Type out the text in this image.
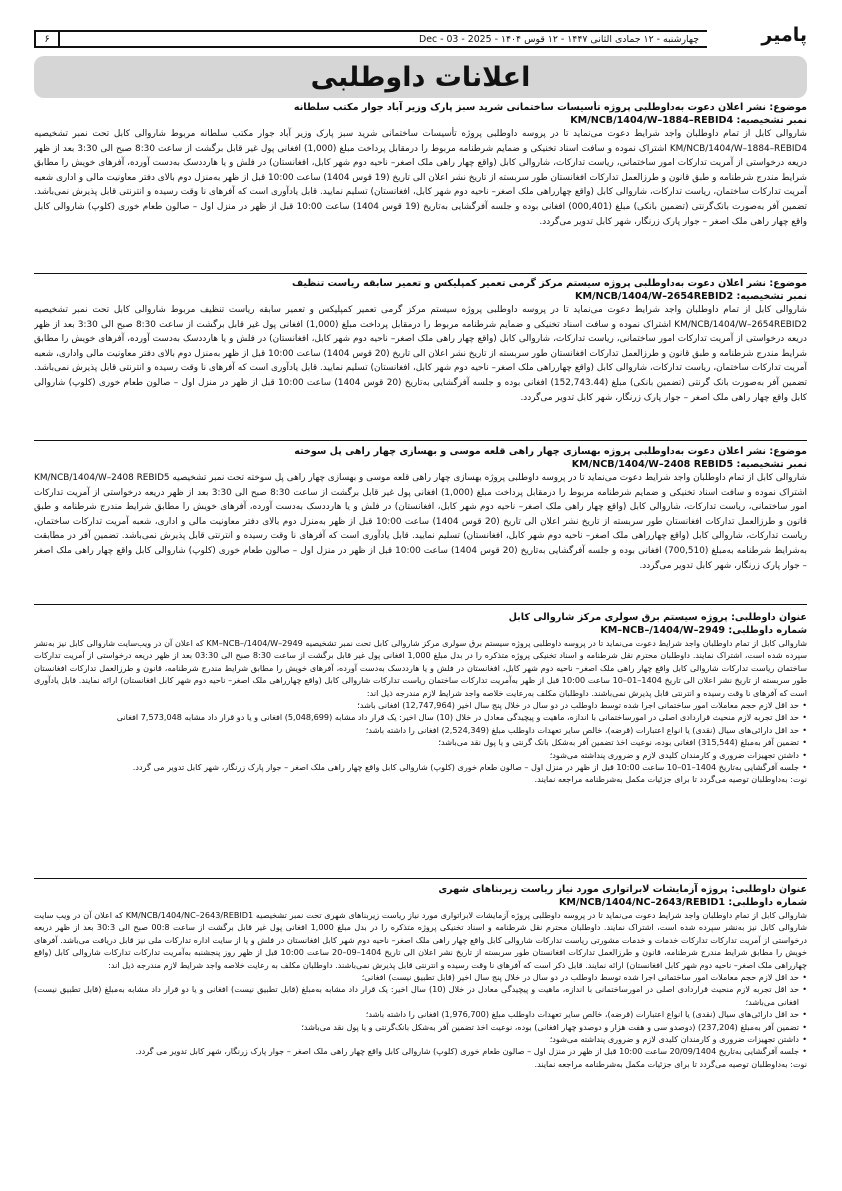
پامیر
چهارشنبه - ۱۲ جمادی الثانی ۱۴۴۷ - ۱۲ قوس ۱۴۰۴ - Dec - 03 - 2025
۶
اعلانات داوطلبی
موضوع: نشر اعلان دعوت به‌داوطلبی پروژه تأسیسات ساختمانی شرید سبز پارک وزیر آباد جوار مکتب سلطانه
نمبر تشخیصیه: KM/NCB/1404/W–1884–REBID4

شاروالی کابل از تمام داوطلبان واجد شرایط دعوت می‌نماید تا در پروسه داوطلبی پروژه تأسیسات ساختمانی شرید سبز پارک وزیر آباد جوار مکتب سلطانه مربوط شاروالی کابل تحت نمبر تشخیصیه KM/NCB/1404/W–1884–REBID4 اشتراک نموده و سافت اسناد تخنیکی و ضمایم شرطنامه مربوط را درمقابل پرداخت مبلغ (1,000) افغانی پول غیر قابل برگشت از ساعت 8:30 صبح الی 3:30 بعد از ظهر دریعه درخواستی از آمریت تدارکات امور ساختمانی، ریاست تدارکات، شاروالی کابل (واقع چهار راهی ملک اصغر– ناحیه دوم شهر کابل، افغانستان) در فلش و یا هارددسک به‌دست آورده، آفرهای خویش را مطابق شرایط مندرج شرطنامه و طبق قانون و طرزالعمل تدارکات افغانستان طور سربسته از تاریخ نشر اعلان الی تاریخ (19 قوس 1404) ساعت 10:00 قبل از ظهر به‌منزل دوم بالای دفتر معاونیت مالی و اداری شعبه آمریت تدارکات ساختمان، ریاست تدارکات، شاروالی کابل (واقع چهارراهی ملک اصغر– ناحیه دوم شهر کابل، افغانستان) تسلیم نمایید. قابل یادآوری است که آفرهای نا وقت رسیده و انترنتی قابل پذیرش نمی‌باشد. تضمین آفر به‌صورت بانک‌گرنتی (تضمین بانکی) مبلغ (000,401) افغانی بوده و جلسه آفرگشایی به‌تاریخ (19 قوس 1404) ساعت 10:00 قبل از ظهر در منزل اول – صالون طعام خوری (کلوپ) شاروالی کابل واقع چهار راهی ملک اصغر – جوار پارک زرنگار، شهر کابل تدویر می‌گردد.

موضوع: نشر اعلان دعوت به‌داوطلبی پروژه سیستم مرکز گرمی تعمیر کمپلیکس و تعمیر سابقه ریاست تنظیف
نمبر تشخیصیه: KM/NCB/1404/W–2654REBID2

شاروالی کابل از تمام داوطلبان واجد شرایط دعوت می‌نماید تا در پروسه داوطلبی پروژه سیستم مرکز گرمی تعمیر کمپلیکس و تعمیر سابقه ریاست تنظیف مربوط شاروالی کابل تحت نمبر تشخیصیه KM/NCB/1404/W–2654REBID2 اشتراک نموده و سافت اسناد تخنیکی و ضمایم شرطنامه مربوط را درمقابل پرداخت مبلغ (1,000) افغانی پول غیر قابل برگشت از ساعت 8:30 صبح الی 3:30 بعد از ظهر دریعه درخواستی از آمریت تدارکات امور ساختمانی، ریاست تدارکات، شاروالی کابل (واقع چهار راهی ملک اصغر– ناحیه دوم شهر کابل، افغانستان) در فلش و یا هارددسک به‌دست آورده، آفرهای خویش را مطابق شرایط مندرج شرطنامه و طبق قانون و طرزالعمل تدارکات افغانستان طور سربسته از تاریخ نشر اعلان الی تاریخ (20 قوس 1404) ساعت 10:00 قبل از ظهر به‌منزل دوم بالای دفتر معاونیت مالی وادارى، شعبه آمریت تدارکات ساختمان، ریاست تدارکات، شاروالی کابل (واقع چهارراهی ملک اصغر– ناحیه دوم شهر کابل، افغانستان) تسلیم نمایید. قابل یادآوری است که آفرهای نا وقت رسیده و انترنتی قابل پذیرش نمی‌باشد. تضمین آفر به‌صورت بانک گرنتی (تضمین بانکی) مبلغ (152,743.44) افغانی بوده و جلسه آفرگشایی به‌تاریخ (20 قوس 1404) ساعت 10:00 قبل از ظهر در منزل اول – صالون طعام خوری (کلوپ) شاروالی کابل واقع چهار راهی ملک اصغر – جوار پارک زرنگار، شهر کابل تدویر می‌گردد.

موضوع: نشر اعلان دعوت به‌داوطلبی پروژه بهسازی چهار راهی قلعه موسی و بهسازی چهار راهی پل سوخته
نمبر تشخیصیه: KM/NCB/1404/W–2408 REBID5

شاروالی کابل از تمام داوطلبان واجد شرایط دعوت می‌نماید تا در پروسه داوطلبی پروژه بهسازی چهار راهی قلعه موسی و بهسازی چهار راهی پل سوخته تحت نمبر تشخیصیه KM/NCB/1404/W–2408 REBID5 اشتراک نموده و سافت اسناد تخنیکی و ضمایم شرطنامه مربوط را درمقابل پرداخت مبلغ (1,000) افغانی پول غیر قابل برگشت از ساعت 8:30 صبح الی 3:30 بعد از ظهر دریعه درخواستی از آمریت تدارکات امور ساختمانی، ریاست تدارکات، شاروالی کابل (واقع چهار راهی ملک اصغر– ناحیه دوم شهر کابل، افغانستان) در فلش و یا هارددسک به‌دست آورده، آفرهای خویش را مطابق شرایط مندرج شرطنامه و طبق قانون و طرزالعمل تدارکات افغانستان طور سربسته از تاریخ نشر اعلان الی تاریخ (20 قوس 1404) ساعت 10:00 قبل از ظهر به‌منزل دوم بالای دفتر معاونیت مالی و اداری، شعبه آمریت تدارکات ساختمان، ریاست تدارکات، شاروالی کابل (واقع چهارراهی ملک اصغر– ناحیه دوم شهر کابل، افغانستان) تسلیم نمایید. قابل یادآوری است که آفرهای نا وقت رسیده و انترنتی قابل پذیرش نمی‌باشد. تضمین آفر در مطابقت به‌شرایط شرطنامه به‌مبلغ (700,510) افغانی بوده و جلسه آفرگشایی به‌تاریخ (20 قوس 1404) ساعت 10:00 قبل از ظهر در منزل اول – صالون طعام خوری (کلوپ) شاروالی کابل واقع چهار راهی ملک اصغر – جوار پارک زرنگار، شهر کابل تدویر می‌گردد.

عنوان داوطلبی: پروژه سیستم برق سولری مرکز شاروالی کابل
شماره داوطلبی: KM–NCB–/1404/W–2949

شاروالی کابل از تمام داوطلبان واجد شرایط دعوت می‌نماید تا در پروسه داوطلبی پروژه سیستم برق سولری مرکز شاروالی کابل تحت نمبر تشخیصیه KM–NCB–/1404/W–2949 که اعلان آن در ویب‌سایت شاروالی کابل نیز به‌نشر سپرده شده است، اشتراک نمایند. داوطلبان محترم نقل شرطنامه و اسناد تخنیکی پروژه متذکره را در بدل مبلغ 1,000 افغانی پول غیر قابل برگشت از ساعت 8:30 صبح الی 03:30 بعد از ظهر دریعه درخواستی از آمریت تدارکات ساختمان ریاست تدارکات شاروالی کابل واقع چهار راهی ملک اصغر– ناحیه دوم شهر کابل، افغانستان در فلش و یا هارددسک به‌دست آورده، آفرهای خویش را مطابق شرایط مندرج شرطنامه، قانون و طرزالعمل تدارکات افغانستان طور سربسته از تاریخ نشر اعلان الی تاریخ 1404–01–10 ساعت 10:00 قبل از ظهر به‌آمریت تدارکات ساختمان ریاست تدارکات شاروالی کابل (واقع چهارراهی ملک اصغر– ناحیه دوم شهر کابل افغانستان) ارائه نمایند. قابل یادآوری است که آفرهای نا وقت رسیده و انترنتی قابل پذیرش نمی‌باشند. داوطلبان مکلف به‌رعایت خلاصه واجد شرایط لازم مندرجه ذیل اند:

• حد اقل لازم حجم معاملات امور ساختمانی اجرا شده توسط داوطلب در دو سال در خلال پنج سال اخیر (12,747,964) افغانی باشد؛
• حد اقل تجربه لازم منحیث قراردادی اصلی در امورساختمانی با اندازه، ماهیت و پیچیدگی معادل در خلال (10) سال اخیر: یک قرار داد مشابه (5,048,699) افغانی و یا دو قرار داد مشابه 7,573,048 افغانی
• حد اقل دارائی‌های سیال (نقدی) یا انواع اعتبارات (قرضه)، خالص سایر تعهدات داوطلب مبلغ (2,524,349) افغانی را داشته باشد؛
• تضمین آفر به‌مبلغ (315,544) افغانی بوده، نوعیت اخذ تضمین آفر به‌شکل بانک گرنتی و یا پول نقد می‌باشد؛
• داشتن تجهیزات ضروری و کارمندان کلیدی لازم و ضروری پنداشته می‌شود؛
• جلسه آفرگشایی به‌تاریخ 1404–01–10 ساعت 10:00 قبل از ظهر در منزل اول – صالون طعام خوری (کلوپ) شاروالی کابل واقع چهار راهی ملک اصغر – جوار پارک زرنگار، شهر کابل تدویر می گردد.
نوت: به‌داوطلبان توصیه می‌گردد تا برای جزئیات مکمل به‌شرطنامه مراجعه نمایند.
عنوان داوطلبی: پروژه آزمایشات لابراتواری مورد نیاز ریاست زیربناهای شهری
شماره داوطلبی: KM/NCB/1404/NC–2643/REBID1

شاروالی کابل از تمام داوطلبان واجد شرایط دعوت می‌نماید تا در پروسه داوطلبی پروژه آزمایشات لابراتواری مورد نیاز ریاست زیربناهای شهری تحت نمبر تشخیصیه KM/NCB/1404/NC–2643/REBID1 که اعلان آن در ویب سایت شاروالی کابل نیز به‌نشر سپرده شده است، اشتراک نمایند. داوطلبان محترم نقل شرطنامه و اسناد تخنیکی پروژه متذکره را در بدل مبلغ 1,000 افغانی پول غیر قابل برگشت از ساعت 00:8 صبح الی 30:3 بعد از ظهر دریعه درخواستی از آمریت تدارکات تدارکات خدمات و خدمات مشورتی ریاست تدارکات شاروالی کابل واقع چهار راهی ملک اصغر– ناحیه دوم شهر کابل افغانستان در فلش و یا از سایت اداره تدارکات ملی نیز قابل دریافت می‌باشد. آفرهای خویش را مطابق شرایط مندرج شرطنامه، قانون و طرزالعمل تدارکات افغانستان طور سربسته از تاریخ نشر اعلان الی تاریخ 1404–09–20 ساعت 10:00 قبل از ظهر روز پنجشنبه به‌آمریت تدارکات تدارکات شاروالی کابل (واقع چهارراهی ملک اصغر– ناحیه دوم شهر کابل افغانستان) ارائه نمایند. قابل ذکر است که آفرهای نا وقت رسیده و انترنتی قابل پذیرش نمی‌باشند. داوطلبان مکلف به رعایت خلاصه واجد شرایط لازم مندرجه ذیل اند:

• حد اقل لازم حجم معاملات امور ساختمانی اجرا شده توسط داوطلب در دو سال در خلال پنج سال اخیر (قابل تطبیق نیست) افغانی؛
• حد اقل تجربه لازم منحیث قراردادی اصلی در امورساختمانی با اندازه، ماهیت و پیچیدگی معادل در خلال (10) سال اخیر: یک قرار داد مشابه به‌مبلغ (قابل تطبیق نیست) افغانی و یا دو قرار داد مشابه به‌مبلغ (قابل تطبیق نیست) افغانی می‌باشد؛
• حد اقل دارائی‌های سیال (نقدی) یا انواع اعتبارات (قرضه)، خالص سایر تعهدات داوطلب مبلغ (1,976,700) افغانی را داشته باشد؛
• تضمین آفر به‌مبلغ (237,204) (دوصدو سی و هفت هزار و دوصدو چهار افغانی) بوده، نوعیت اخذ تضمین آفر به‌شکل بانک‌گرنتی و یا پول نقد می‌باشد؛
• داشتن تجهیزات ضروری و کارمندان کلیدی لازم و ضروری پنداشته می‌شود؛
• جلسه آفرگشایی به‌تاریخ 20/09/1404 ساعت 10:00 قبل از ظهر در منزل اول – صالون طعام خوری (کلوپ) شاروالی کابل واقع چهار راهی ملک اصغر – جوار پارک زرنگار، شهر کابل تدویر می گردد.
نوت: به‌داوطلبان توصیه می‌گردد تا برای جزئیات مکمل به‌شرطنامه مراجعه نمایند.
